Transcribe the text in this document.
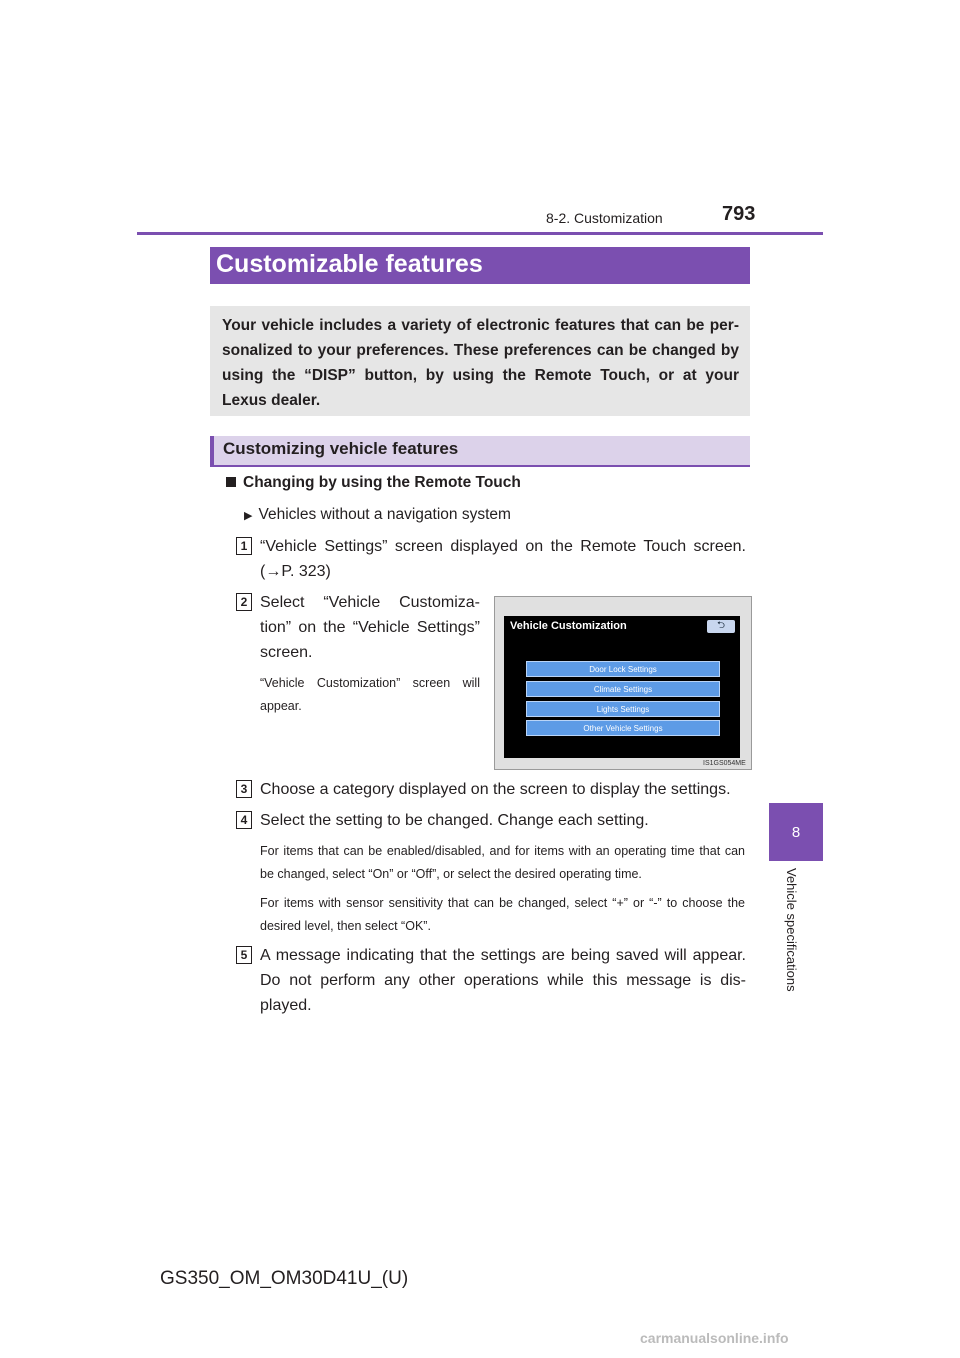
8-2. Customization	793
8
Vehicle specifications
Customizable features

Your vehicle includes a variety of electronic features that can be per-sonalized to your preferences. These preferences can be changed by using the “DISP” button, by using the Remote Touch, or at your Lexus dealer.

Customizing vehicle features
Changing by using the Remote Touch
▶ Vehicles without a navigation system
1 “Vehicle Settings” screen displayed on the Remote Touch screen. (→P. 323)
2 Select “Vehicle Customiza-tion” on the “Vehicle Settings” screen.
“Vehicle Customization” screen will appear.
Vehicle Customization	⮌
Door Lock Settings
Climate Settings
Lights Settings
Other Vehicle Settings
IS1GS054ME
3 Choose a category displayed on the screen to display the settings.
4 Select the setting to be changed. Change each setting.
For items that can be enabled/disabled, and for items with an operating time that can be changed, select “On” or “Off”, or select the desired operating time.
For items with sensor sensitivity that can be changed, select “+” or “-” to choose the desired level, then select “OK”.
5 A message indicating that the settings are being saved will appear. Do not perform any other operations while this message is dis-played.
GS350_OM_OM30D41U_(U)
carmanualsonline.info
